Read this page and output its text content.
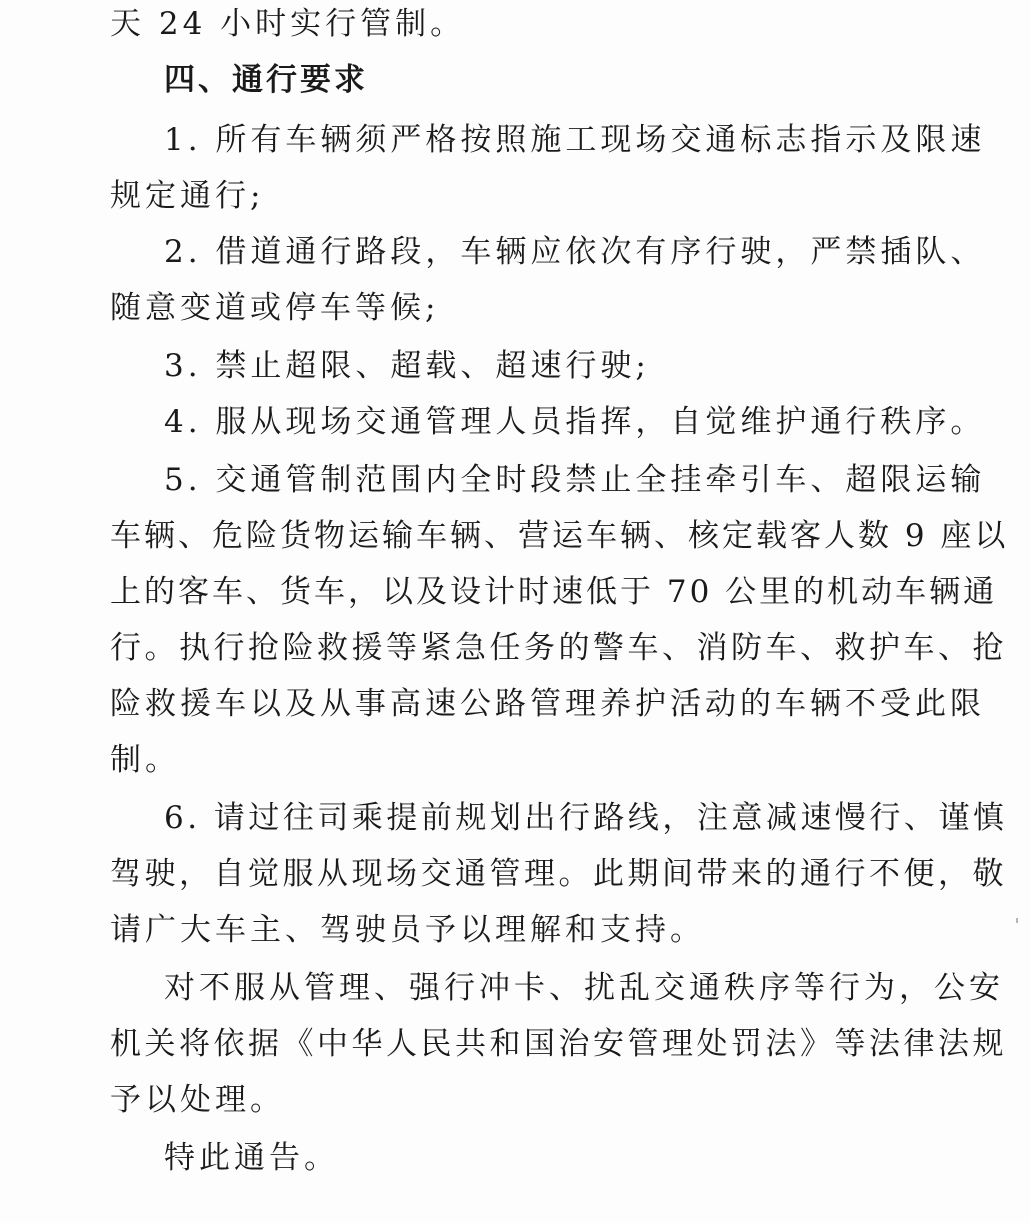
天 24 小时实行管制。
四、通行要求
1. 所有车辆须严格按照施工现场交通标志指示及限速
规定通行;
2. 借道通行路段，车辆应依次有序行驶，严禁插队、
随意变道或停车等候;
3. 禁止超限、超载、超速行驶;
4. 服从现场交通管理人员指挥，自觉维护通行秩序。
5. 交通管制范围内全时段禁止全挂牵引车、超限运输
车辆、危险货物运输车辆、营运车辆、核定载客人数 9 座以
上的客车、货车，以及设计时速低于 70 公里的机动车辆通
行。执行抢险救援等紧急任务的警车、消防车、救护车、抢
险救援车以及从事高速公路管理养护活动的车辆不受此限
制。
6. 请过往司乘提前规划出行路线，注意减速慢行、谨慎
驾驶，自觉服从现场交通管理。此期间带来的通行不便，敬
请广大车主、驾驶员予以理解和支持。
对不服从管理、强行冲卡、扰乱交通秩序等行为，公安
机关将依据《中华人民共和国治安管理处罚法》等法律法规
予以处理。
特此通告。
